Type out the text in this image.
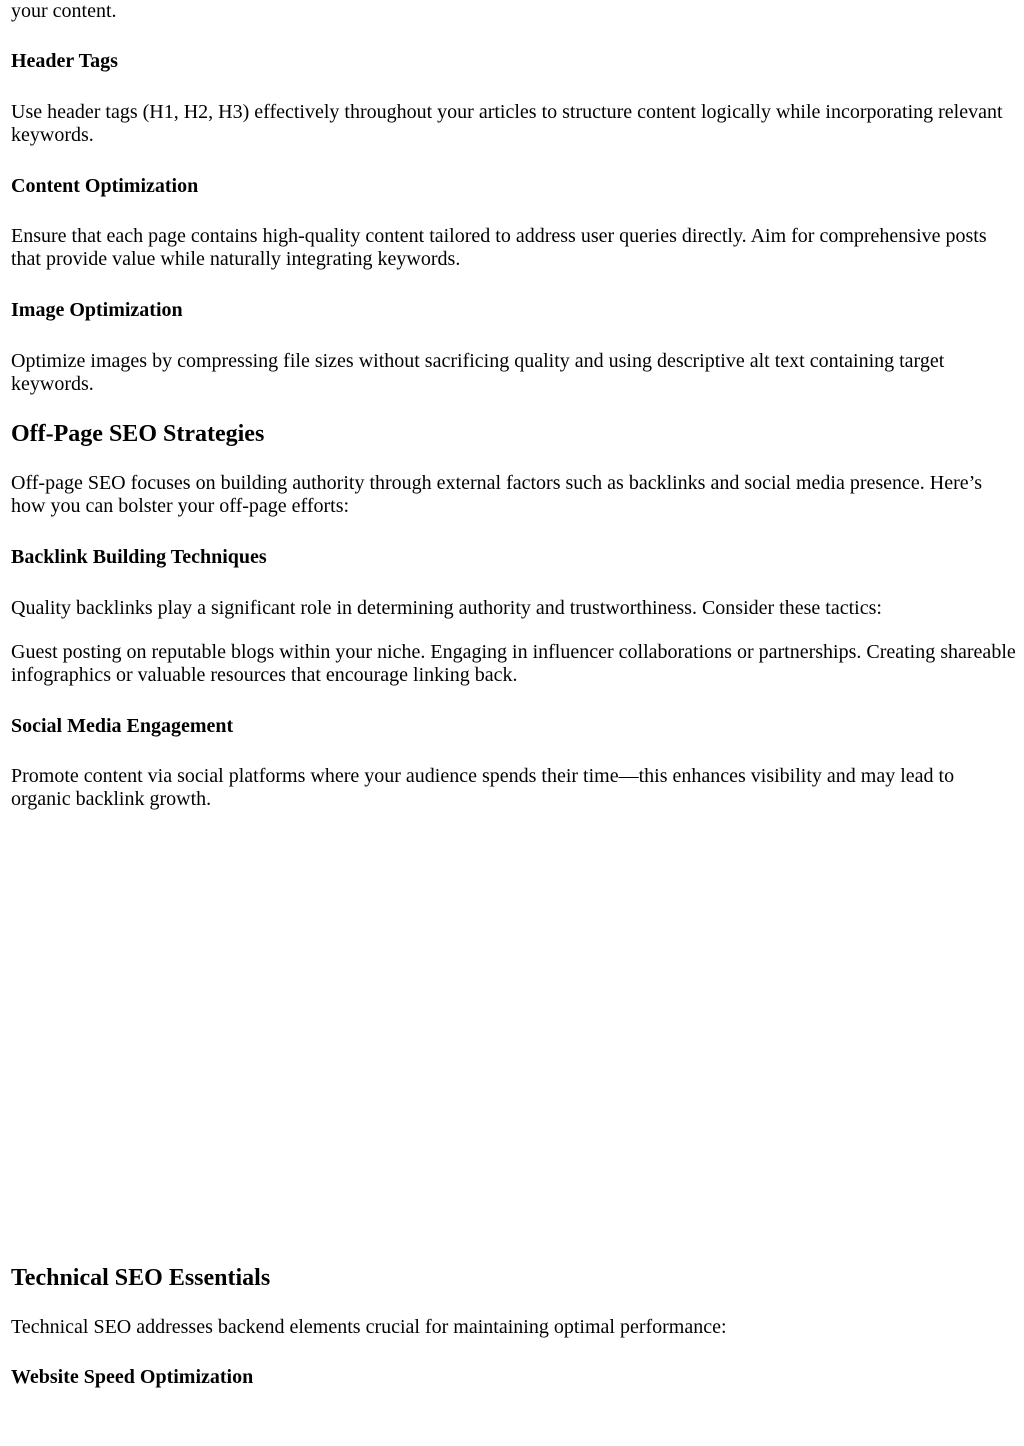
your content.

Header Tags

Use header tags (H1, H2, H3) effectively throughout your articles to structure content logically while incorporating relevant keywords.

Content Optimization

Ensure that each page contains high-quality content tailored to address user queries directly. Aim for comprehensive posts that provide value while naturally integrating keywords.

Image Optimization

Optimize images by compressing file sizes without sacrificing quality and using descriptive alt text containing target keywords.

Off-Page SEO Strategies

Off-page SEO focuses on building authority through external factors such as backlinks and social media presence. Here’s how you can bolster your off-page efforts:

Backlink Building Techniques

Quality backlinks play a significant role in determining authority and trustworthiness. Consider these tactics:

Guest posting on reputable blogs within your niche. Engaging in influencer collaborations or partnerships. Creating shareable infographics or valuable resources that encourage linking back.

Social Media Engagement

Promote content via social platforms where your audience spends their time—this enhances visibility and may lead to organic backlink growth.

Technical SEO Essentials

Technical SEO addresses backend elements crucial for maintaining optimal performance:

Website Speed Optimization
